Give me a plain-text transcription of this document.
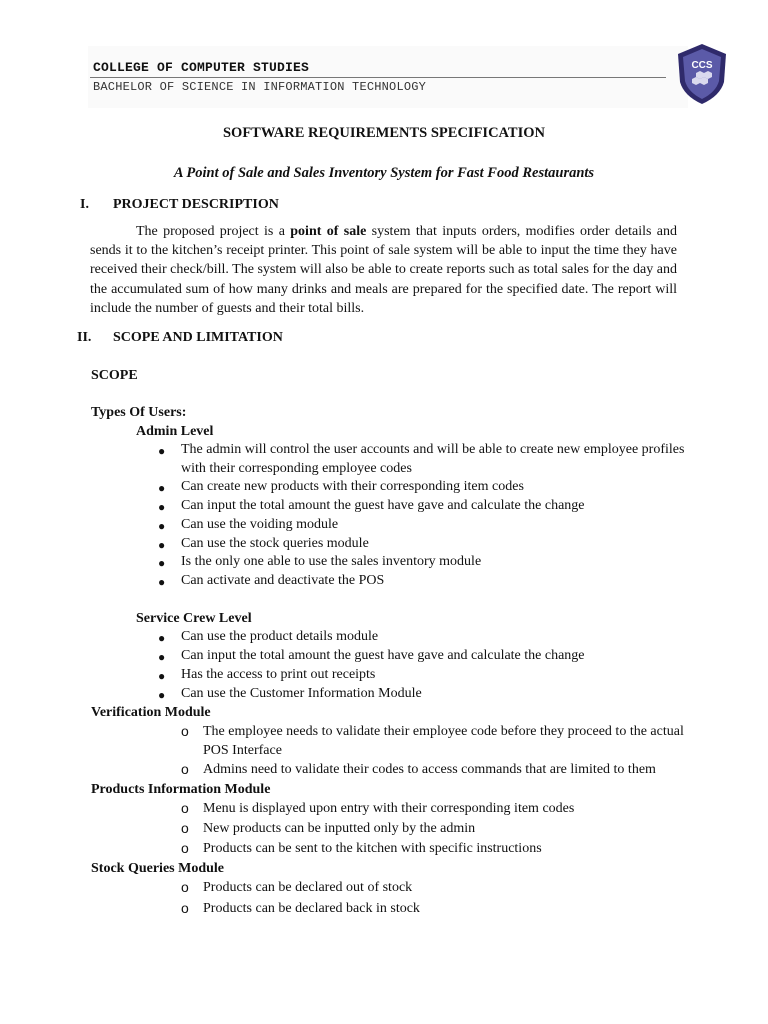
COLLEGE OF COMPUTER STUDIES
BACHELOR OF SCIENCE IN INFORMATION TECHNOLOGY
CCS
SOFTWARE REQUIREMENTS SPECIFICATION
A Point of Sale and Sales Inventory System for Fast Food Restaurants
I. PROJECT DESCRIPTION

The proposed project is a point of sale system that inputs orders, modifies order details and sends it to the kitchen’s receipt printer. This point of sale system will be able to input the time they have received their check/bill. The system will also be able to create reports such as total sales for the day and the accumulated sum of how many drinks and meals are prepared for the specified date. The report will include the number of guests and their total bills.

II. SCOPE AND LIMITATION
SCOPE
Types Of Users:
Admin Level
● The admin will control the user accounts and will be able to create new employee profiles
with their corresponding employee codes
● Can create new products with their corresponding item codes
● Can input the total amount the guest have gave and calculate the change
● Can use the voiding module
● Can use the stock queries module
● Is the only one able to use the sales inventory module
● Can activate and deactivate the POS
Service Crew Level
● Can use the product details module
● Can input the total amount the guest have gave and calculate the change
● Has the access to print out receipts
● Can use the Customer Information Module
Verification Module
o The employee needs to validate their employee code before they proceed to the actual
POS Interface
o Admins need to validate their codes to access commands that are limited to them
Products Information Module
o Menu is displayed upon entry with their corresponding item codes
o New products can be inputted only by the admin
o Products can be sent to the kitchen with specific instructions
Stock Queries Module
o Products can be declared out of stock
o Products can be declared back in stock
